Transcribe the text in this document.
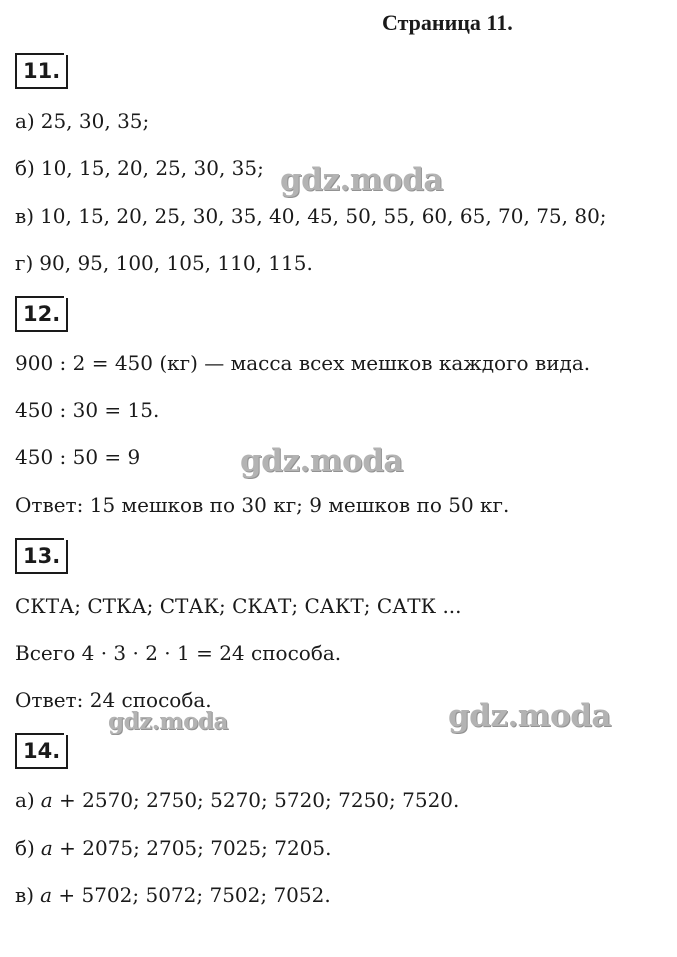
Страница 11.
11.
а) 25, 30, 35;
б) 10, 15, 20, 25, 30, 35;
в) 10, 15, 20, 25, 30, 35, 40, 45, 50, 55, 60, 65, 70, 75, 80;
г) 90, 95, 100, 105, 110, 115.
12.
900 : 2 = 450 (кг) — масса всех мешков каждого вида.
450 : 30 = 15.
450 : 50 = 9
Ответ: 15 мешков по 30 кг; 9 мешков по 50 кг.
13.
СКТА; СТКА; СТАК; СКАТ; САКТ; САТК ...
Всего 4 · 3 · 2 · 1 = 24 способа.
Ответ: 24 способа.
14.
а) a + 2570; 2750; 5270; 5720; 7250; 7520.
б) a + 2075; 2705; 7025; 7205.
в) a + 5702; 5072; 7502; 7052.
gdz.moda
gdz.moda
gdz.moda
gdz.moda
